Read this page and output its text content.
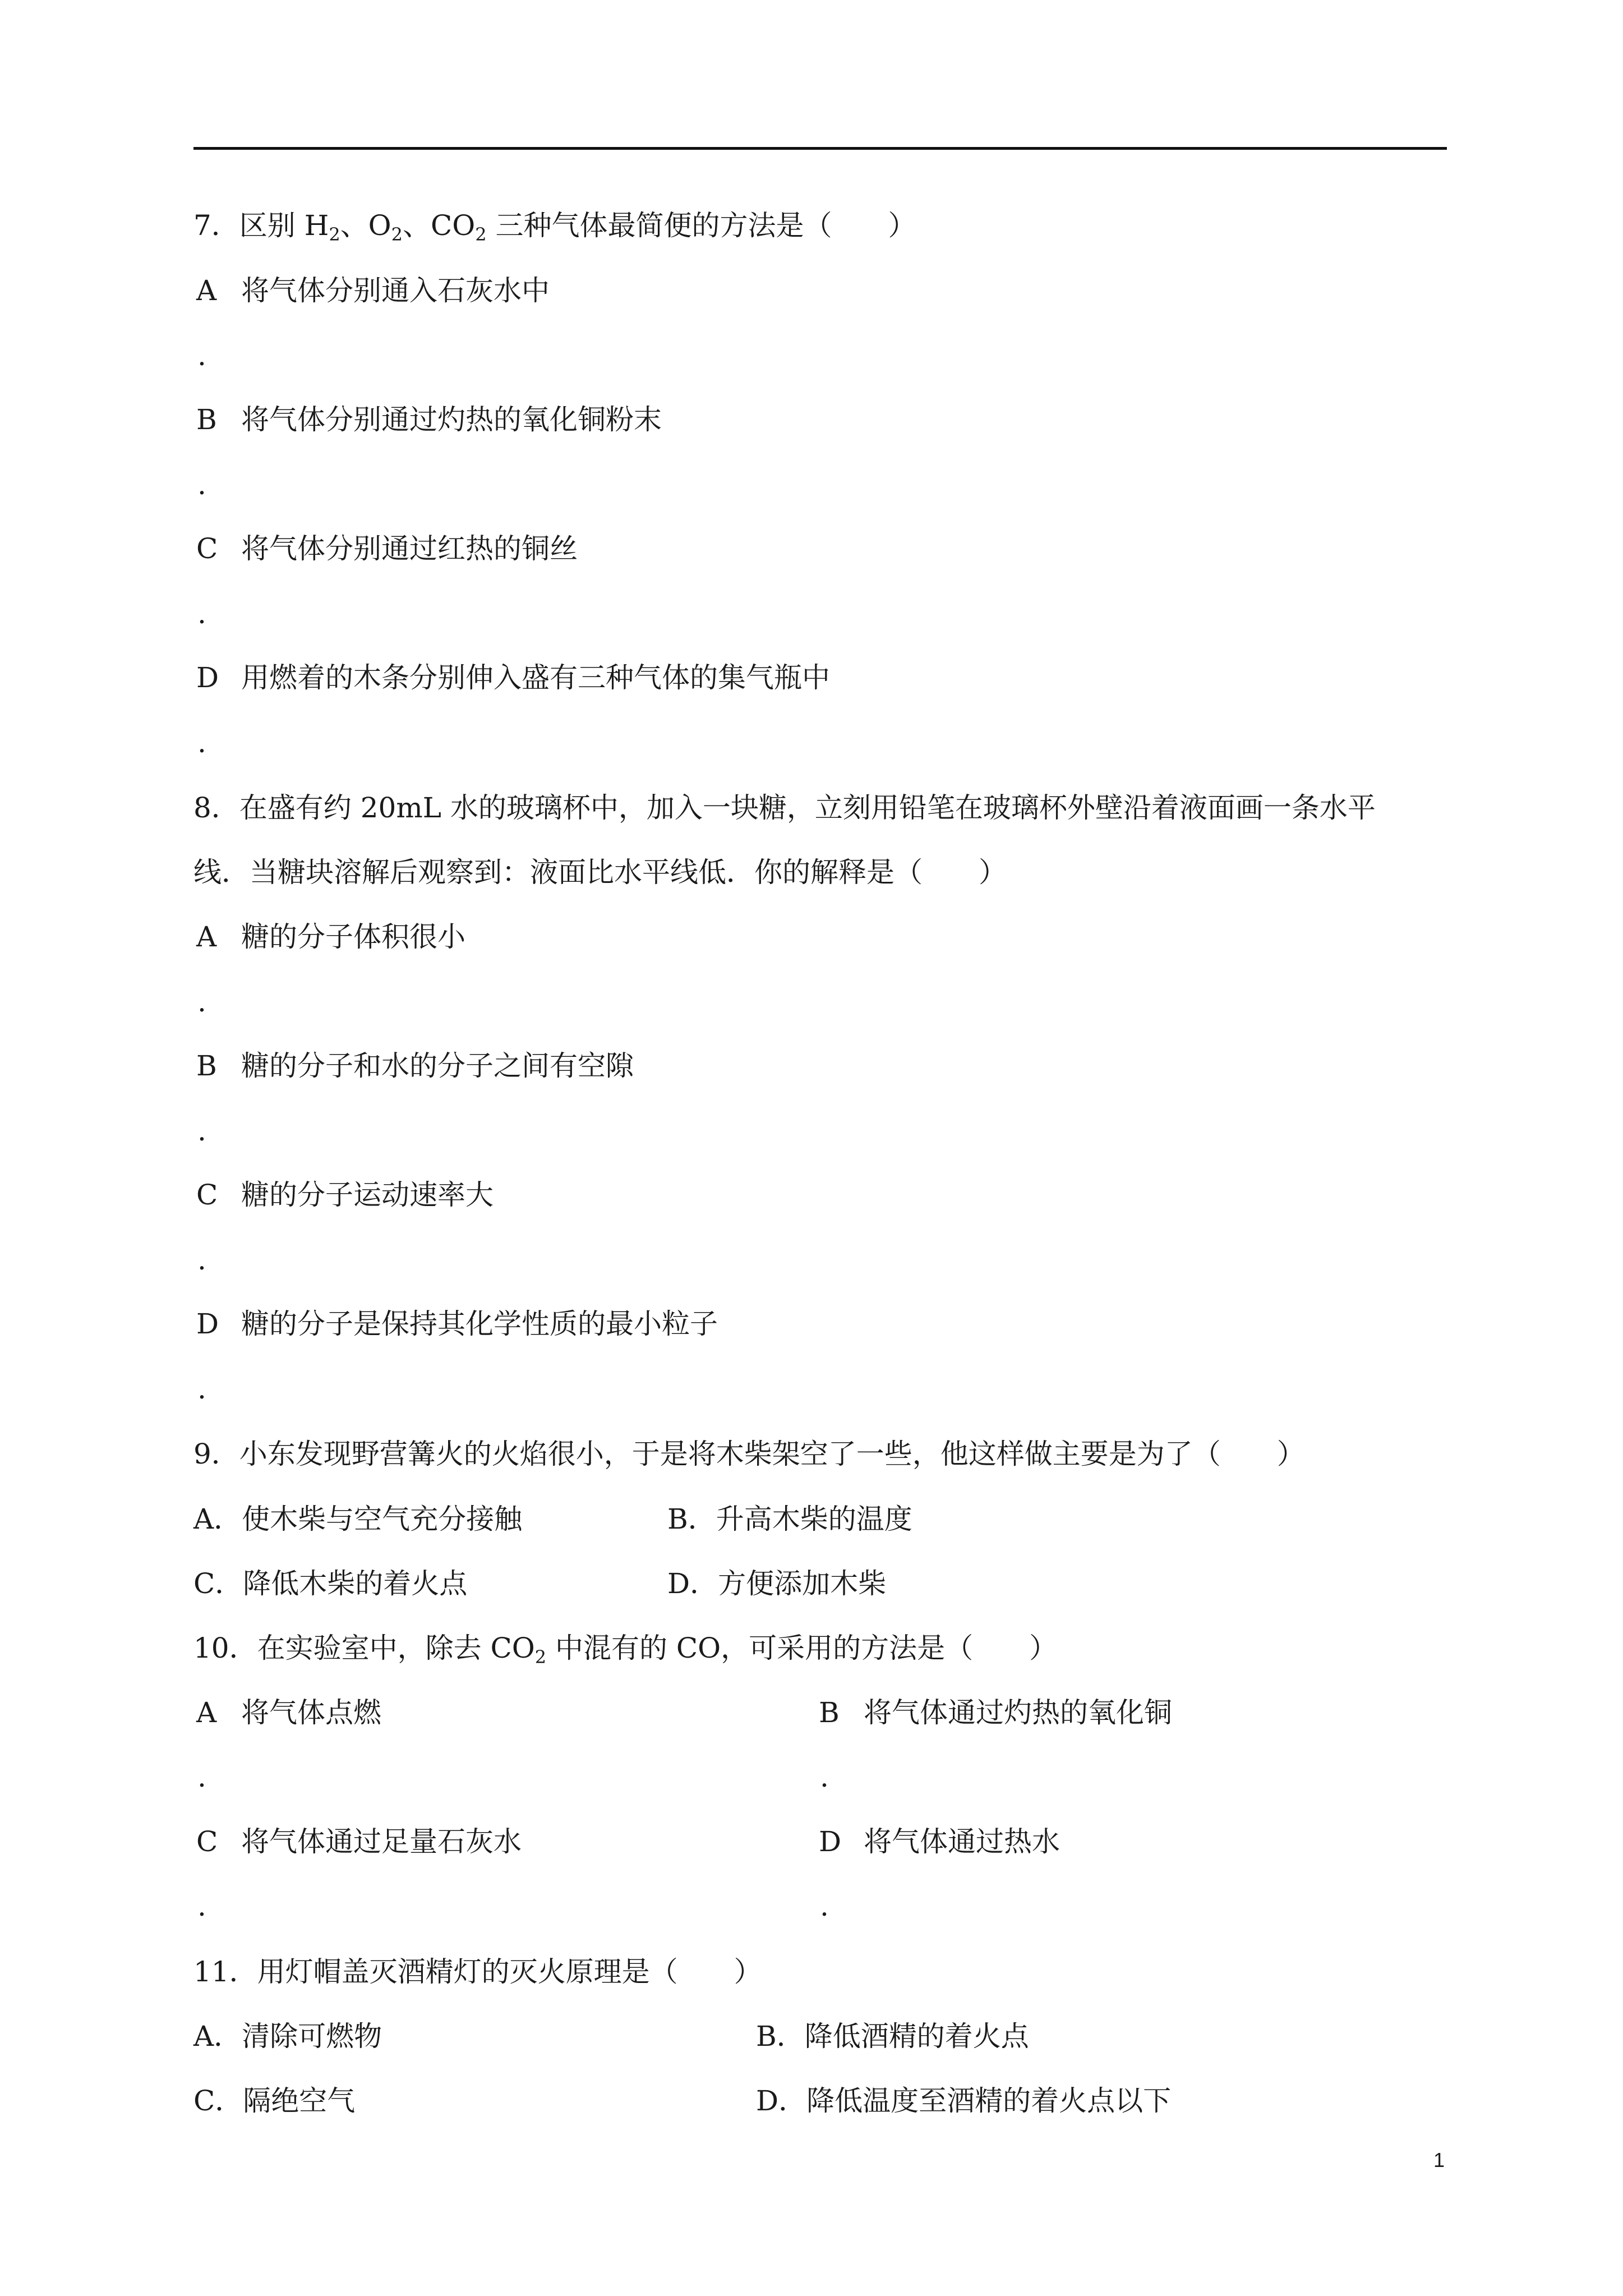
7．区别 $H_2$、$O_2$、$CO_2$ 三种气体最简便的方法是（　　）
A 将气体分别通入石灰水中
.
B 将气体分别通过灼热的氧化铜粉末
.
C 将气体分别通过红热的铜丝
.
D 用燃着的木条分别伸入盛有三种气体的集气瓶中
.
8．在盛有约 20mL 水的玻璃杯中，加入一块糖，立刻用铅笔在玻璃杯外壁沿着液面画一条水平
线．当糖块溶解后观察到：液面比水平线低．你的解释是（　　）
A 糖的分子体积很小
.
B 糖的分子和水的分子之间有空隙
.
C 糖的分子运动速率大
.
D 糖的分子是保持其化学性质的最小粒子
.
9．小东发现野营篝火的火焰很小，于是将木柴架空了一些，他这样做主要是为了（　　）
A．使木柴与空气充分接触	B．升高木柴的温度
C．降低木柴的着火点	D．方便添加木柴
10．在实验室中，除去 $CO_2$ 中混有的 CO，可采用的方法是（　　）
A 将气体点燃	B 将气体通过灼热的氧化铜
.	.
C 将气体通过足量石灰水	D 将气体通过热水
.	.
11．用灯帽盖灭酒精灯的灭火原理是（　　）
A．清除可燃物	B．降低酒精的着火点
C．隔绝空气	D．降低温度至酒精的着火点以下
1
